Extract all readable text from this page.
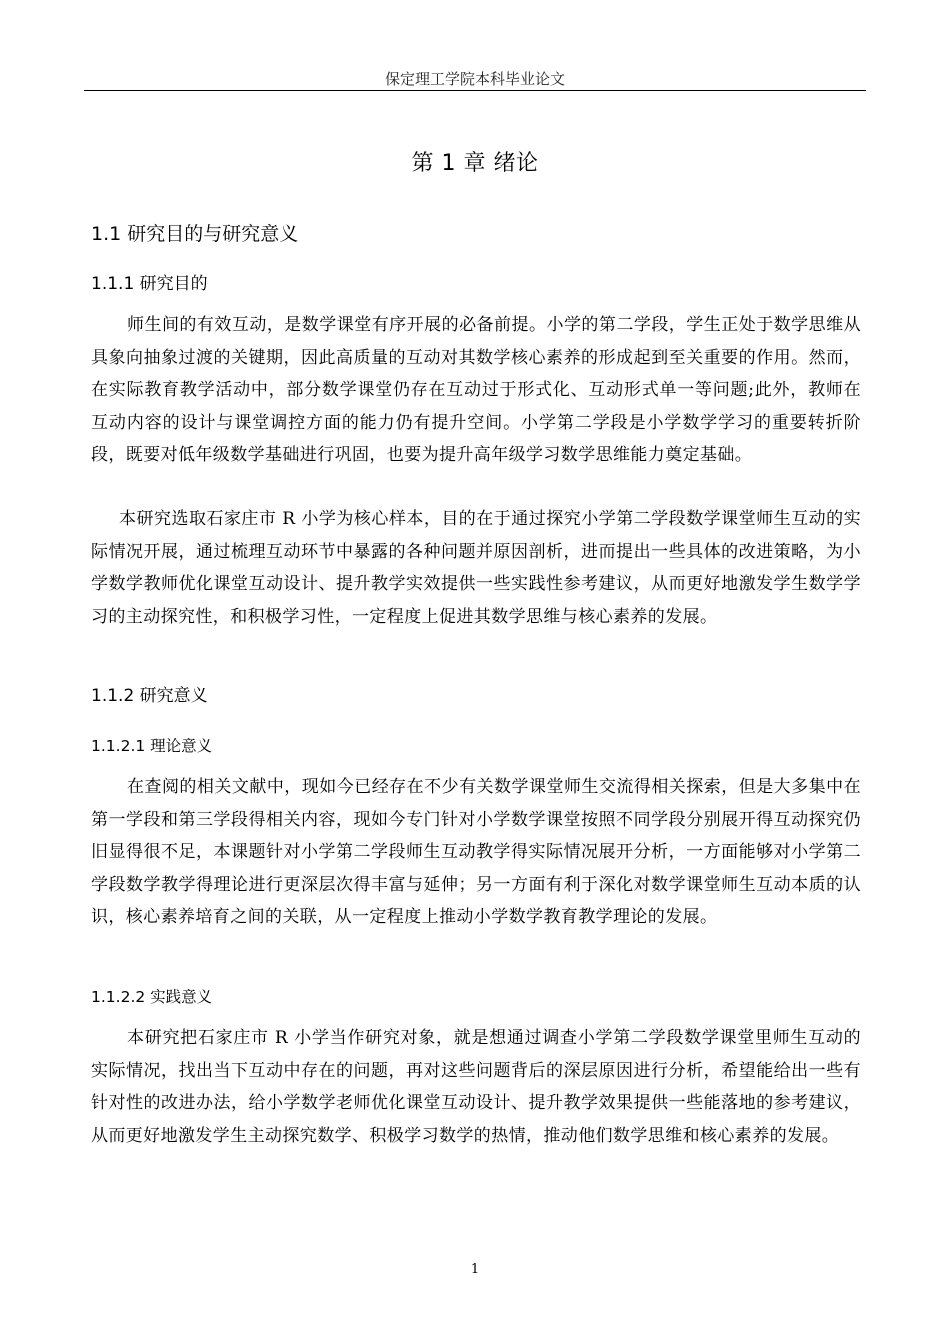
保定理工学院本科毕业论文
第 1 章 绪论
1.1 研究目的与研究意义
1.1.1 研究目的

师生间的有效互动，是数学课堂有序开展的必备前提。小学的第二学段，学生正处于数学思维从具象向抽象过渡的关键期，因此高质量的互动对其数学核心素养的形成起到至关重要的作用。然而，在实际教育教学活动中，部分数学课堂仍存在互动过于形式化、互动形式单一等问题;此外，教师在互动内容的设计与课堂调控方面的能力仍有提升空间。小学第二学段是小学数学学习的重要转折阶段，既要对低年级数学基础进行巩固，也要为提升高年级学习数学思维能力奠定基础。

本研究选取石家庄市 R 小学为核心样本，目的在于通过探究小学第二学段数学课堂师生互动的实际情况开展，通过梳理互动环节中暴露的各种问题并原因剖析，进而提出一些具体的改进策略，为小学数学教师优化课堂互动设计、提升教学实效提供一些实践性参考建议，从而更好地激发学生数学学习的主动探究性，和积极学习性，一定程度上促进其数学思维与核心素养的发展。

1.1.2 研究意义
1.1.2.1 理论意义

在查阅的相关文献中，现如今已经存在不少有关数学课堂师生交流得相关探索，但是大多集中在第一学段和第三学段得相关内容，现如今专门针对小学数学课堂按照不同学段分别展开得互动探究仍旧显得很不足，本课题针对小学第二学段师生互动教学得实际情况展开分析，一方面能够对小学第二学段数学教学得理论进行更深层次得丰富与延伸；另一方面有利于深化对数学课堂师生互动本质的认识，核心素养培育之间的关联，从一定程度上推动小学数学教育教学理论的发展。

1.1.2.2 实践意义

本研究把石家庄市 R 小学当作研究对象，就是想通过调查小学第二学段数学课堂里师生互动的实际情况，找出当下互动中存在的问题，再对这些问题背后的深层原因进行分析，希望能给出一些有针对性的改进办法，给小学数学老师优化课堂互动设计、提升教学效果提供一些能落地的参考建议，从而更好地激发学生主动探究数学、积极学习数学的热情，推动他们数学思维和核心素养的发展。

1
